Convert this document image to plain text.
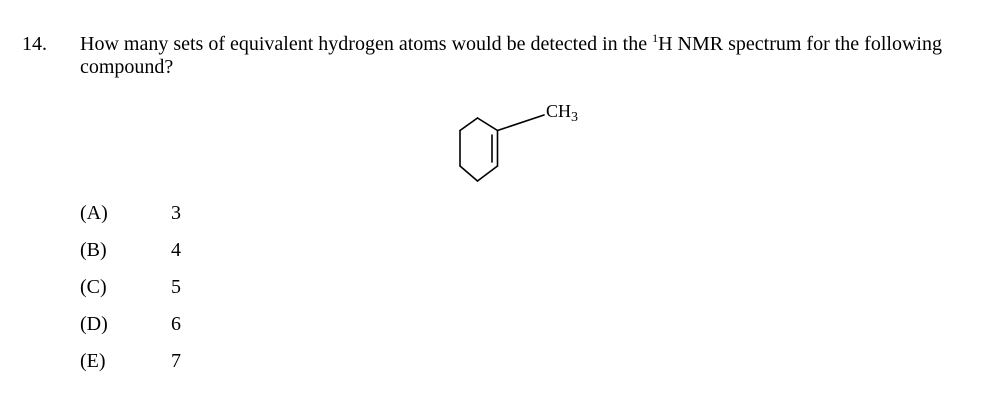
14. How many sets of equivalent hydrogen atoms would be detected in the $^1$H NMR spectrum for the following compound?
$CH_3$
(A)	3
(B)	4
(C)	5
(D)	6
(E)	7
